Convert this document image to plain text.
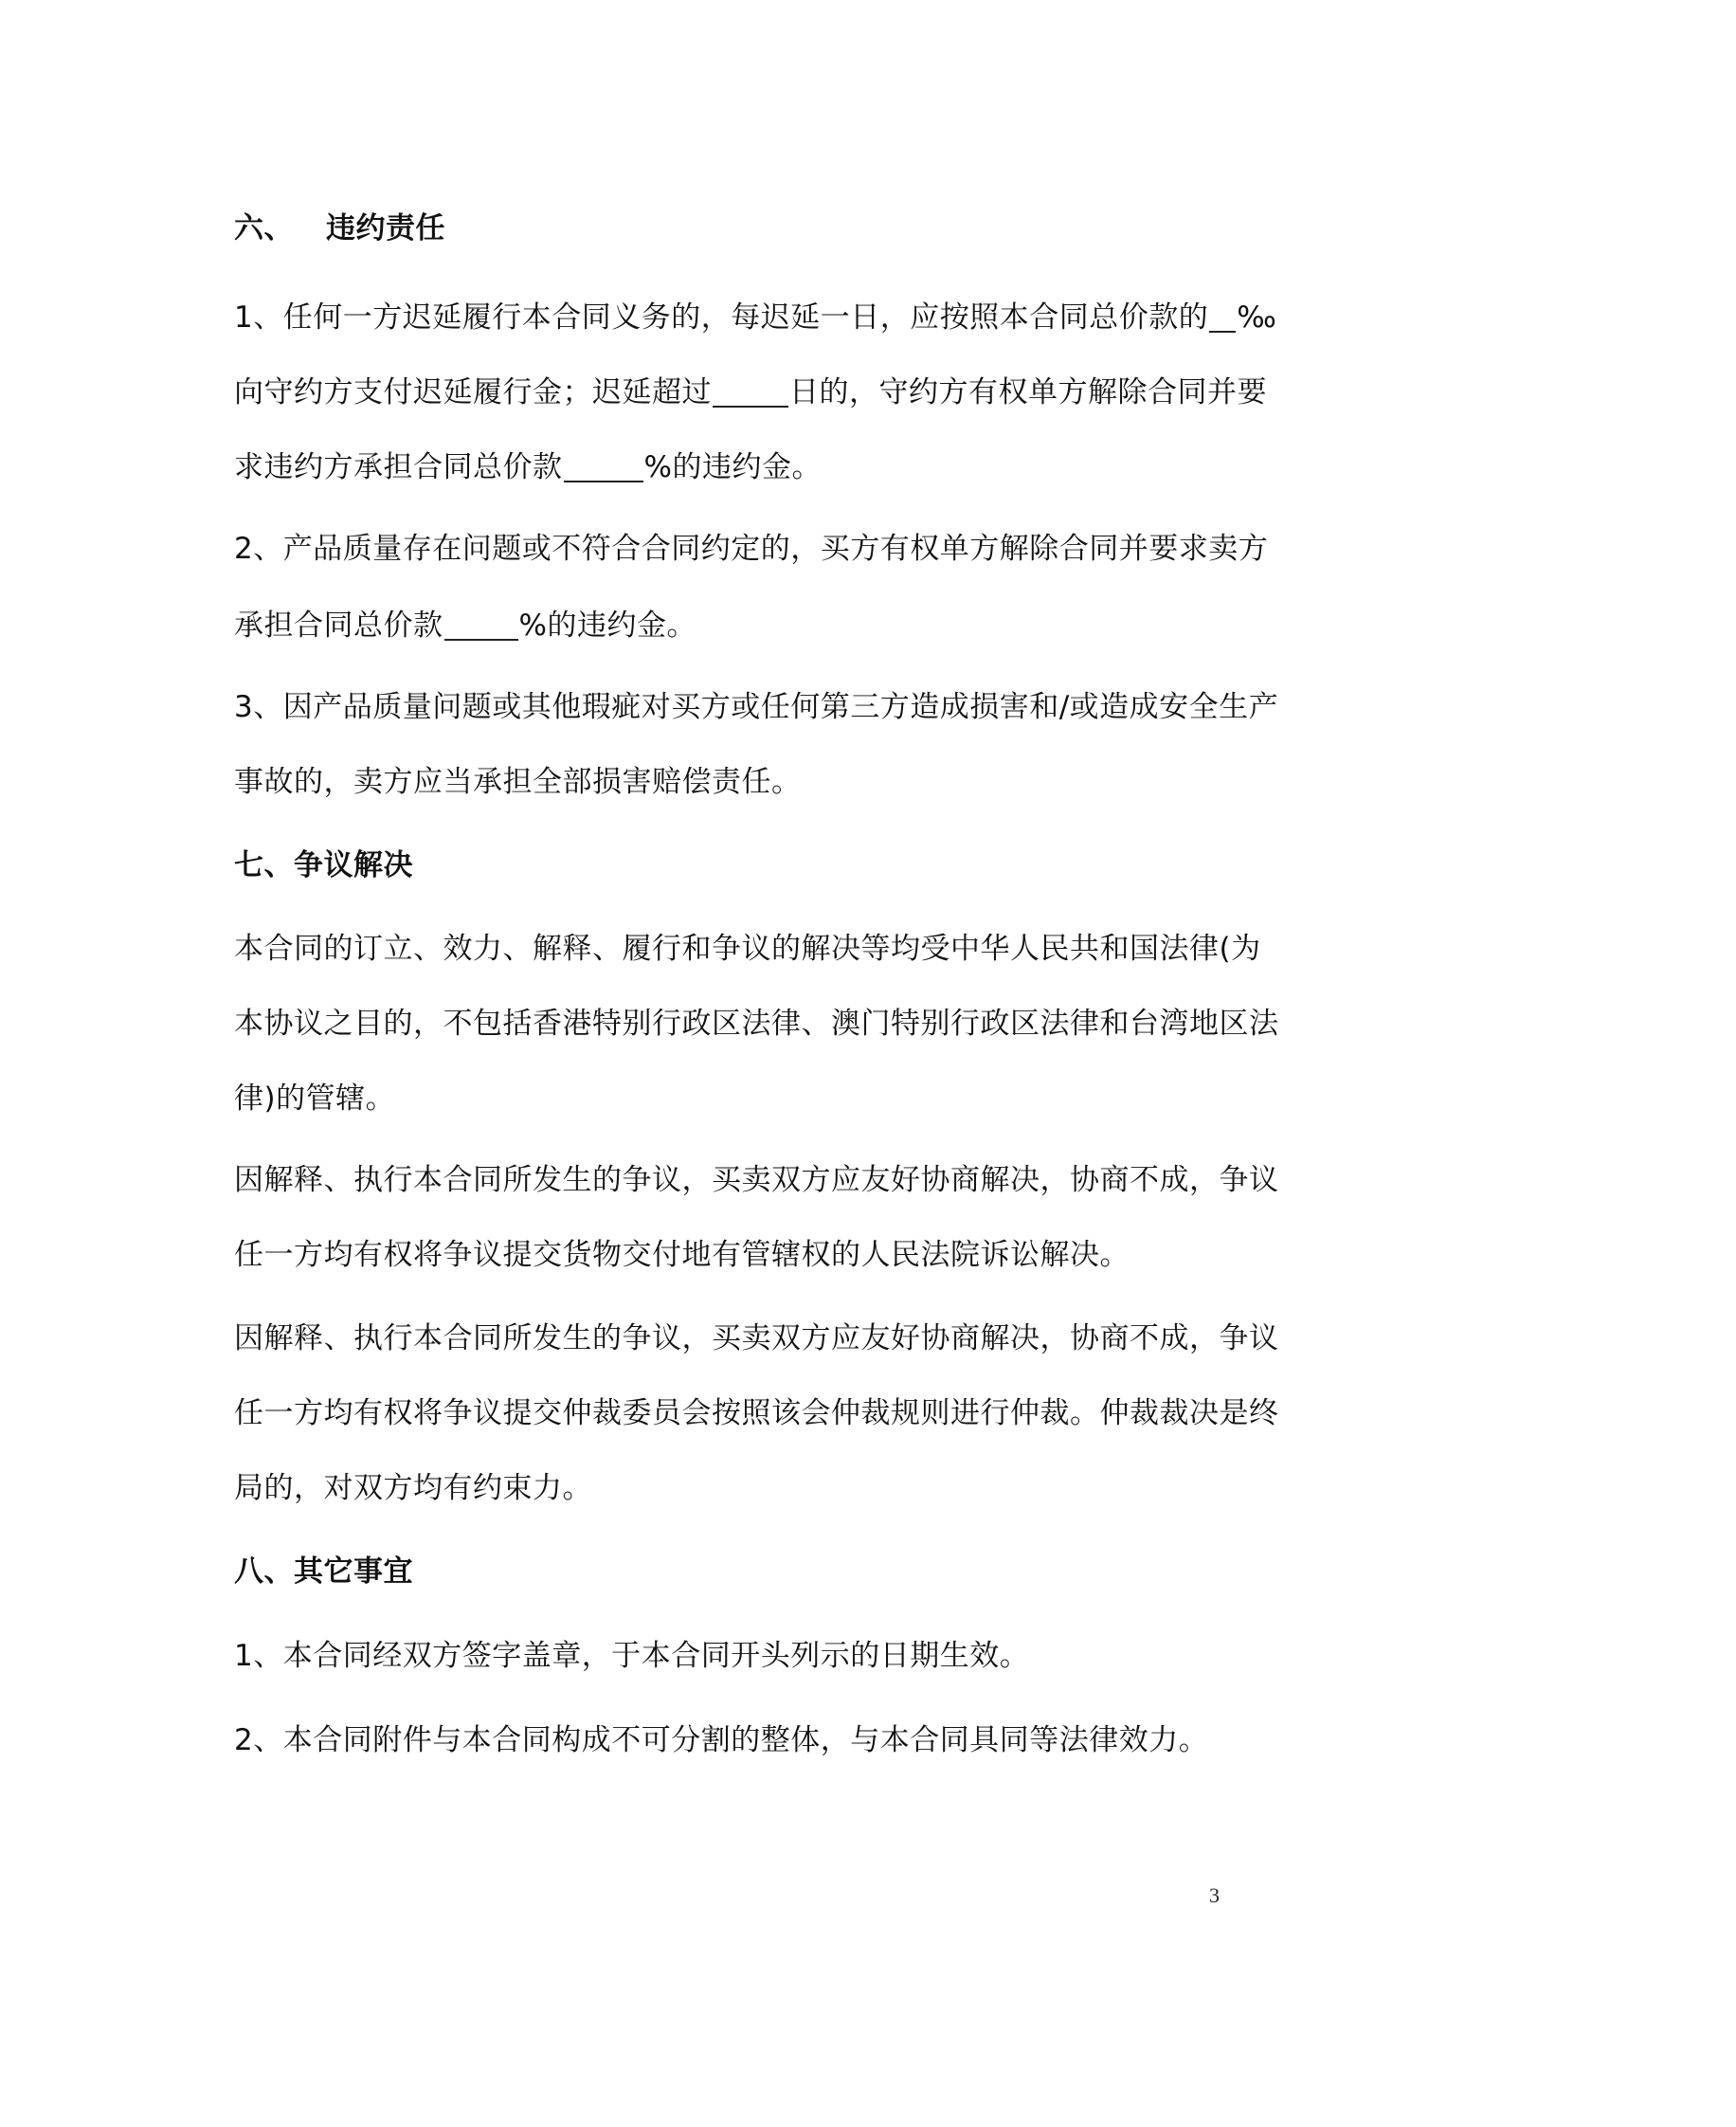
六、 违约责任
1、任何一方迟延履行本合同义务的，每迟延一日，应按照本合同总价款的 ‰
向守约方支付迟延履行金；迟延超过	日的，守约方有权单方解除合同并要
求违约方承担合同总价款	%的违约金。
2、产品质量存在问题或不符合合同约定的，买方有权单方解除合同并要求卖方
承担合同总价款	%的违约金。
3、因产品质量问题或其他瑕疵对买方或任何第三方造成损害和/或造成安全生产
事故的，卖方应当承担全部损害赔偿责任。
七、争议解决
本合同的订立、效力、解释、履行和争议的解决等均受中华人民共和国法律(为
本协议之目的，不包括香港特别行政区法律、澳门特别行政区法律和台湾地区法
律)的管辖。
因解释、执行本合同所发生的争议，买卖双方应友好协商解决，协商不成，争议
任一方均有权将争议提交货物交付地有管辖权的人民法院诉讼解决。
因解释、执行本合同所发生的争议，买卖双方应友好协商解决，协商不成，争议
任一方均有权将争议提交仲裁委员会按照该会仲裁规则进行仲裁。仲裁裁决是终
局的，对双方均有约束力。
八、其它事宜
1、本合同经双方签字盖章，于本合同开头列示的日期生效。
2、本合同附件与本合同构成不可分割的整体，与本合同具同等法律效力。
3
